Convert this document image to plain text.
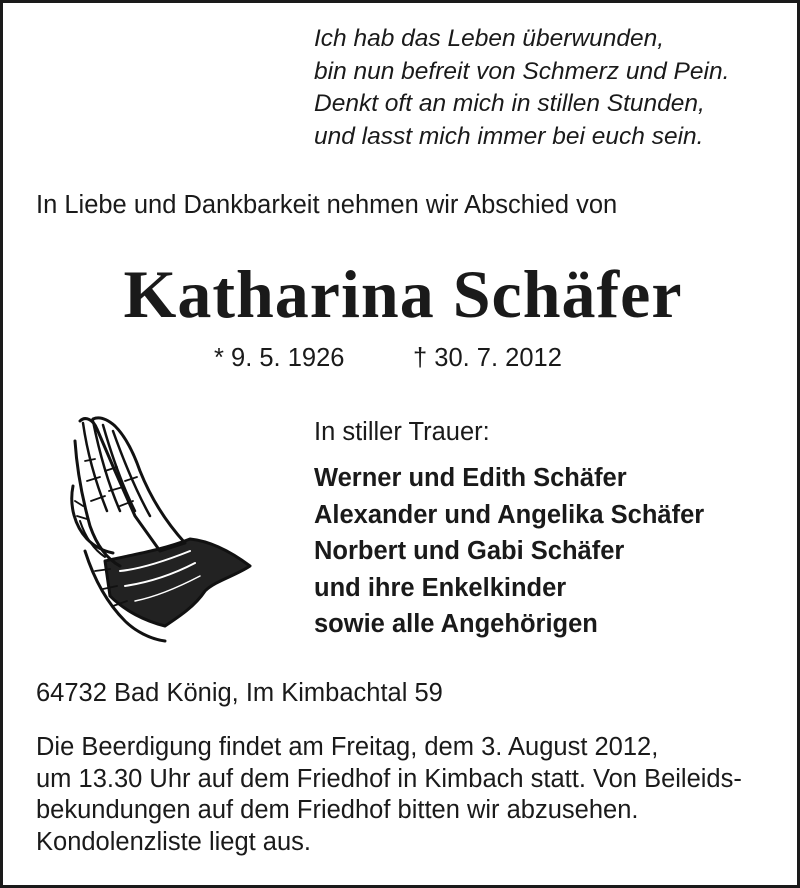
Ich hab das Leben überwunden,
bin nun befreit von Schmerz und Pein.
Denkt oft an mich in stillen Stunden,
und lasst mich immer bei euch sein.
In Liebe und Dankbarkeit nehmen wir Abschied von
Katharina Schäfer
* 9. 5. 1926	† 30. 7. 2012
In stiller Trauer:
Werner und Edith Schäfer
Alexander und Angelika Schäfer
Norbert und Gabi Schäfer
und ihre Enkelkinder
sowie alle Angehörigen
64732 Bad König, Im Kimbachtal 59
Die Beerdigung findet am Freitag, dem 3. August 2012,
um 13.30 Uhr auf dem Friedhof in Kimbach statt. Von Beileids-
bekundungen auf dem Friedhof bitten wir abzusehen.
Kondolenzliste liegt aus.
